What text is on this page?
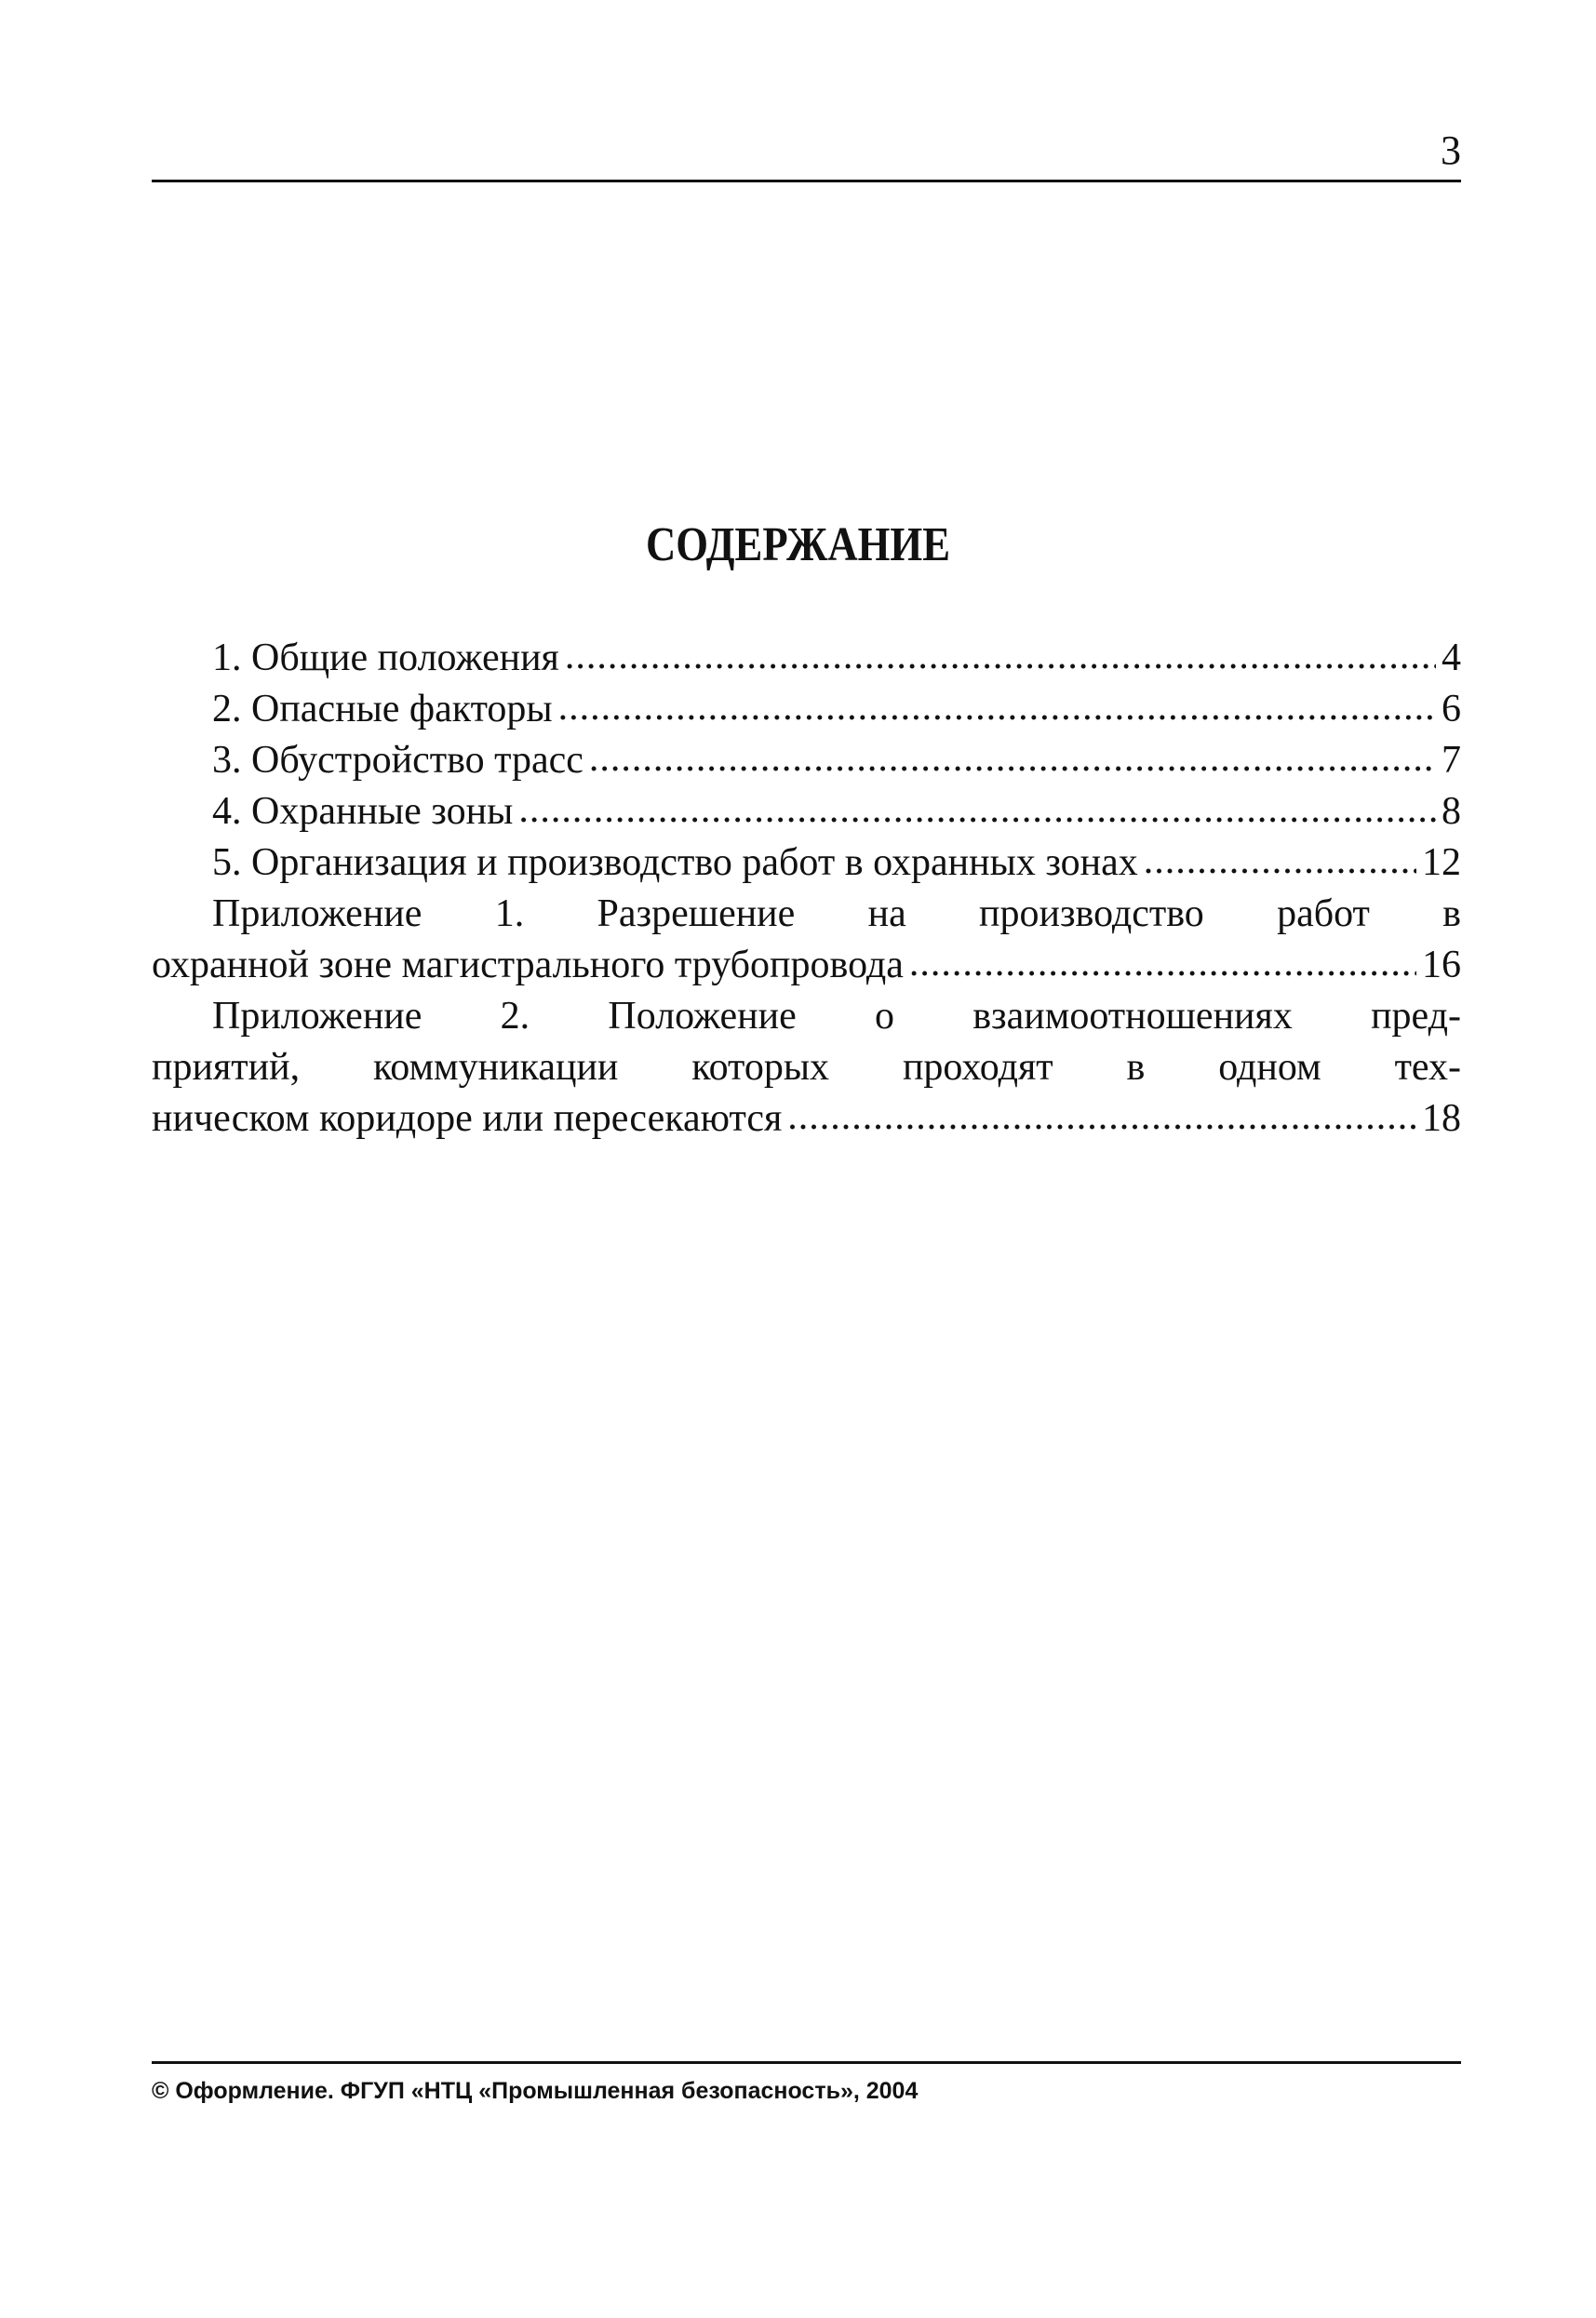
3
СОДЕРЖАНИЕ
1. Общие положения .....	4
2. Опасные факторы .....	6
3. Обустройство трасс .....	7
4. Охранные зоны .....	8
5. Организация и производство работ в охранных зонах .....	12
Приложение 1. Разрешение на производство работ в
охранной зоне магистрального трубопровода .....	16
Приложение 2. Положение о взаимоотношениях пред-
приятий, коммуникации которых проходят в одном тех-
ническом коридоре или пересекаются .....	18
© Оформление. ФГУП «НТЦ «Промышленная безопасность», 2004
